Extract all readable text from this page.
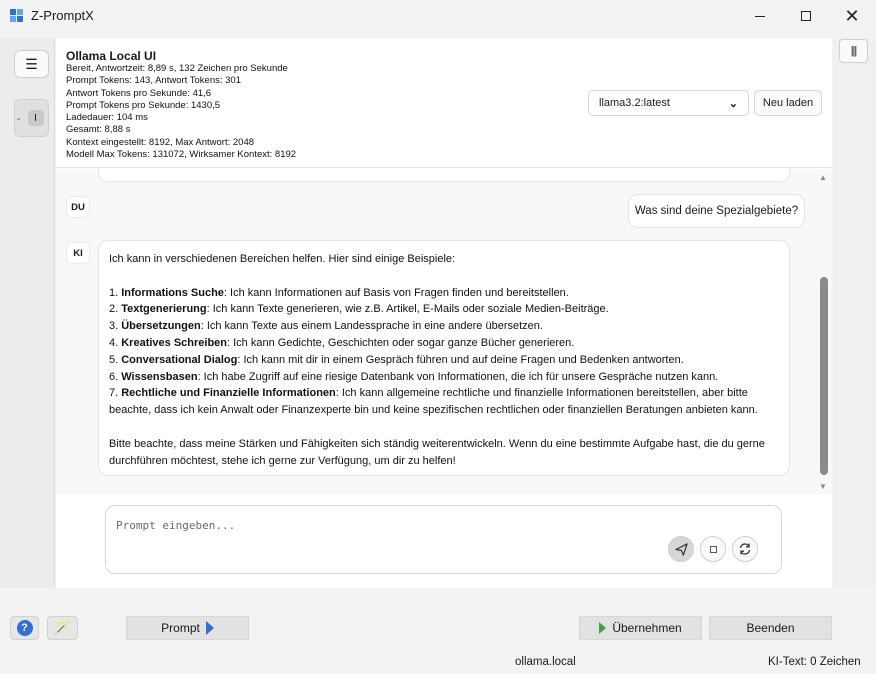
Z-PromptX	✕
☰
-	I
Ollama Local UI
Bereit, Antwortzeit: 8,89 s, 132 Zeichen pro Sekunde
Prompt Tokens: 143, Antwort Tokens: 301
Antwort Tokens pro Sekunde: 41,6
Prompt Tokens pro Sekunde: 1430,5
Ladedauer: 104 ms
Gesamt: 8,88 s
Kontext eingestellt: 8192, Max Antwort: 2048
Modell Max Tokens: 131072, Wirksamer Kontext: 8192
llama3.2:latest	⌄	Neu laden
DU	Was sind deine Spezialgebiete?
KI	Ich kann in verschiedenen Bereichen helfen. Hier sind einige Beispiele:

1. Informations Suche: Ich kann Informationen auf Basis von Fragen finden und bereitstellen.

2. Textgenerierung: Ich kann Texte generieren, wie z.B. Artikel, E-Mails oder soziale Medien-Beiträge.

3. Übersetzungen: Ich kann Texte aus einem Landessprache in eine andere übersetzen.

4. Kreatives Schreiben: Ich kann Gedichte, Geschichten oder sogar ganze Bücher generieren.

5. Conversational Dialog: Ich kann mit dir in einem Gespräch führen und auf deine Fragen und Bedenken antworten.

6. Wissensbasen: Ich habe Zugriff auf eine riesige Datenbank von Informationen, die ich für unsere Gespräche nutzen kann.

7. Rechtliche und Finanzielle Informationen: Ich kann allgemeine rechtliche und finanzielle Informationen bereitstellen, aber bitte beachte, dass ich kein Anwalt oder Finanzexperte bin und keine spezifischen rechtlichen oder finanziellen Beratungen anbieten kann.

Bitte beachte, dass meine Stärken und Fähigkeiten sich ständig weiterentwickeln. Wenn du eine bestimmte Aufgabe hast, die du gerne durchführen möchtest, stehe ich gerne zur Verfügung, um dir zu helfen!

▲
▼
Prompt eingeben...
|||
?	🪄	Prompt	Übernehmen	Beenden
ollama.local	KI-Text: 0 Zeichen
